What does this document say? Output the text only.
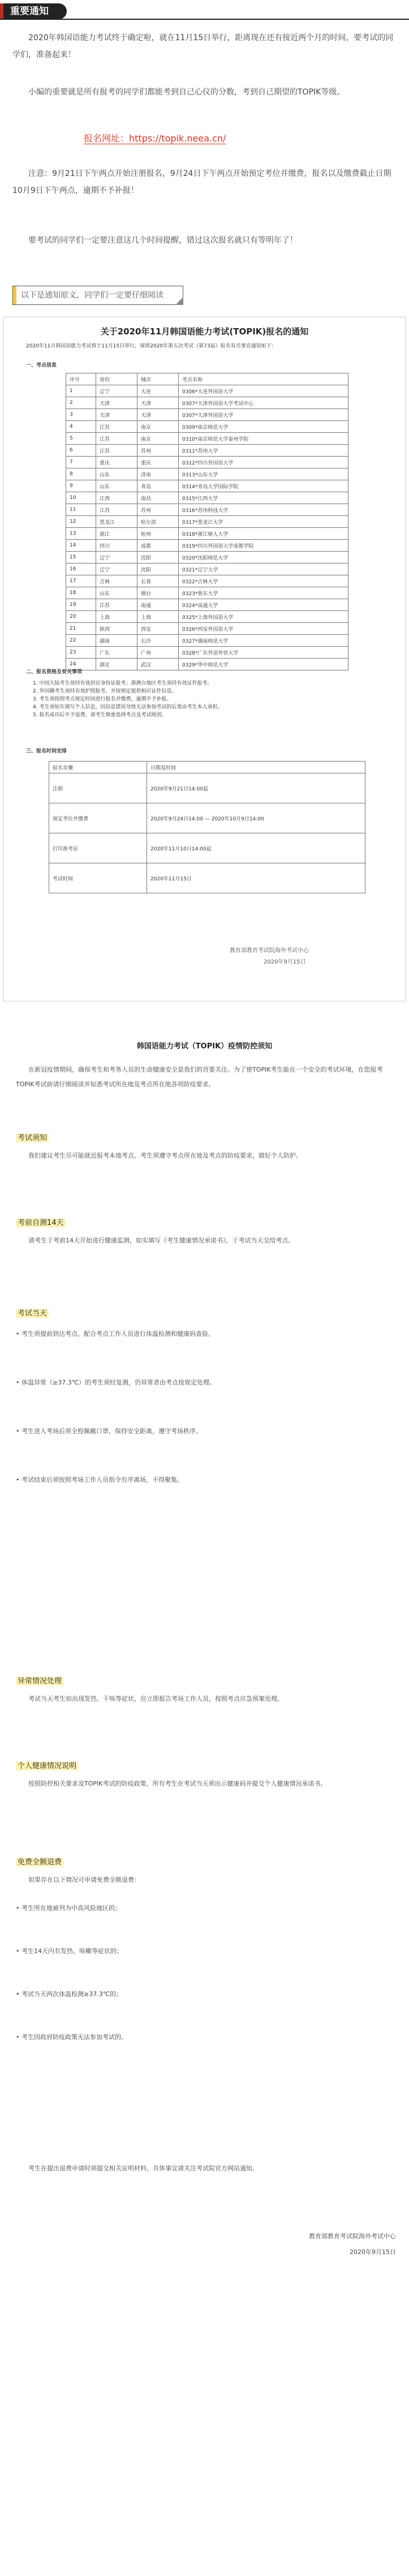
重要通知

2020年韩国语能力考试终于确定啦，就在11月15日举行，距离现在还有接近两个月的时间，要考试的同学们，准备起来！

小编的重要就是所有报考的同学们都能考到自己心仪的分数，考到自己期望的TOPIK等级。

报名网址：https://topik.neea.cn/

注意：9月21日下午两点开始注册报名，9月24日下午两点开始预定考位并缴费，报名以及缴费截止日期10月9日下午两点，逾期不予补报！

要考试的同学们一定要注意这几个时间提醒，错过这次报名就只有等明年了！

以下是通知原文，同学们一定要仔细阅读
关于2020年11月韩国语能力考试(TOPIK)报名的通知
2020年11月韩国语能力考试将于11月15日举行，现将2020年第五次考试（第73届）报名有关事宜通知如下：
一、考点信息
序号	省份	城市	考点名称
1	辽宁	大连	0306*大连外国语大学
2	天津	天津	0307*天津外国语大学考试中心
3	天津	天津	0307*天津外国语大学
4	江苏	南京	0309*南京师范大学
5	江苏	南京	0310*南京师范大学泰州学院
6	江苏	苏州	0311*苏州大学
7	重庆	重庆	0312*四川外国语大学
8	山东	济南	0313*山东大学
9	山东	青岛	0314*青岛大学国际学院
10	江西	南昌	0315*江西大学
11	江苏	苏州	0316*苏州科技大学
12	黑龙江	哈尔滨	0317*黑龙江大学
13	浙江	杭州	0318*浙江树人大学
14	四川	成都	0319*四川外国语大学成都学院
15	辽宁	沈阳	0320*沈阳师范大学
16	辽宁	沈阳	0321*辽宁大学
17	吉林	长春	0322*吉林大学
18	山东	烟台	0323*鲁东大学
19	江苏	南通	0324*南通大学
20	上海	上海	0325*上海外国语大学
21	陕西	西安	0326*西安外国语大学
22	湖南	长沙	0327*湖南师范大学
23	广东	广州	0328*广东外语外贸大学
24	湖北	武汉	0329*华中师范大学
二、报名资格及有关事项
1. 中国大陆考生须持有效居民身份证报考；港澳台地区考生须持有效证件报考。
2. 外国籍考生须持有效护照报考，并按规定提供相应证件信息。
3. 考生须按照考点规定时间进行报名并缴费，逾期不予补报。
4. 考生须如实填写个人信息，因信息错误导致无法参加考试的后果由考生本人承担。
5. 报名成功后不予退费，请考生慎重选择考点及考试级别。
三、报名时间安排
报名步骤	日期及时间
注册	2020年9月21日14:00起
预定考位并缴费	2020年9月24日14:00 — 2020年10月9日14:00
打印准考证	2020年11月10日14:00起
考试时间	2020年11月15日
教育部教育考试院海外考试中心
2020年9月15日
韩国语能力考试（TOPIK）疫情防控须知
在新冠疫情期间，确保考生和考务人员的生命健康安全是我们的首要关注。为了使TOPIK考生能在一个安全的考试环境，在您报考TOPIK考试前请仔细阅读并知悉考试所在地及考点所在地各项防疫要求。
考试须知
我们建议考生尽可能就近报考本地考点。考生须遵守考点所在地及考点的防疫要求，做好个人防护。
考前自测14天
请考生于考前14天开始进行健康监测，如实填写《考生健康情况承诺书》，于考试当天交给考点。
考试当天
• 考生须提前到达考点，配合考点工作人员进行体温检测和健康码查验。
• 体温异常（≥37.3℃）的考生须经复测，仍异常者由考点按规定处理。
• 考生进入考场后须全程佩戴口罩，保持安全距离，遵守考场秩序。
• 考试结束后须按照考场工作人员指令有序离场，不得聚集。
异常情况处理
考试当天考生如出现发热、干咳等症状，应立即报告考场工作人员，按照考点应急预案处理。
个人健康情况说明
按照防控相关要求及TOPIK考试的防疫政策，所有考生在考试当天须出示健康码并提交个人健康情况承诺书。
免费全额退费
如果存在以下情况可申请免费全额退费：
• 考生所在地被列为中高风险地区的；
• 考生14天内有发热、咳嗽等症状的；
• 考试当天两次体温检测≥37.3℃的；
• 考生因政府防疫政策无法参加考试的。
考生在提出退费申请时须提交相关证明材料，具体事宜请关注考试院官方网站通知。
教育部教育考试院海外考试中心
2020年9月15日
